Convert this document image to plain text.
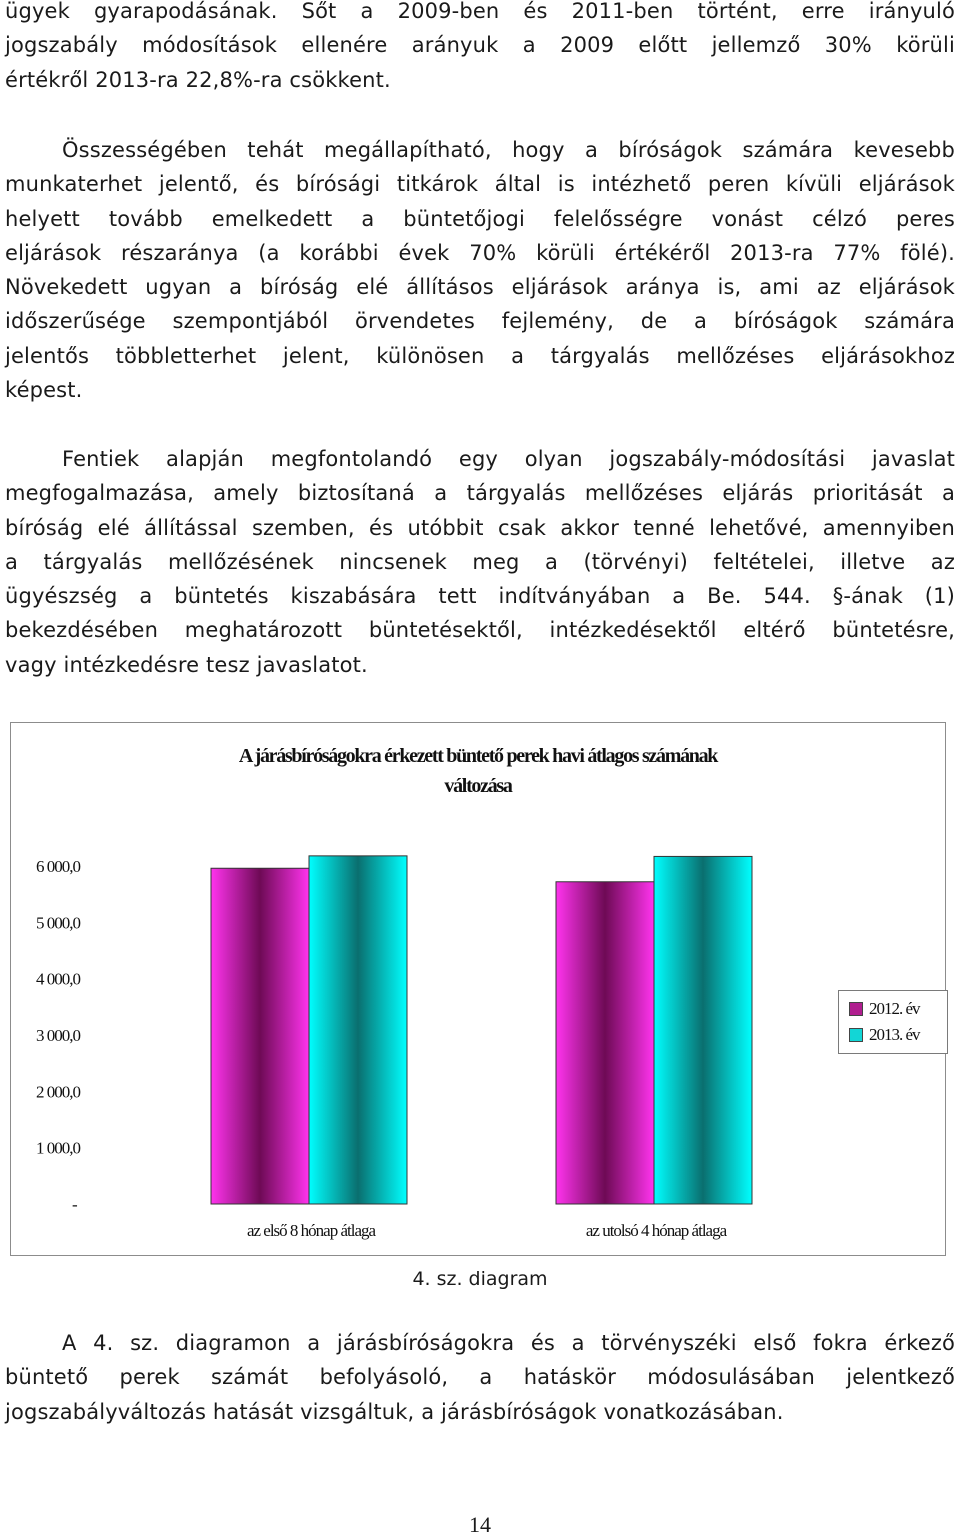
ügyek gyarapodásának. Sőt a 2009-ben és 2011-ben történt, erre irányuló
jogszabály módosítások ellenére arányuk a 2009 előtt jellemző 30% körüli
értékről 2013-ra 22,8%-ra csökkent.
Összességében tehát megállapítható, hogy a bíróságok számára kevesebb
munkaterhet jelentő, és bírósági titkárok által is intézhető peren kívüli eljárások
helyett tovább emelkedett a büntetőjogi felelősségre vonást célzó peres
eljárások részaránya (a korábbi évek 70% körüli értékéről 2013-ra 77% fölé).
Növekedett ugyan a bíróság elé állításos eljárások aránya is, ami az eljárások
időszerűsége szempontjából örvendetes fejlemény, de a bíróságok számára
jelentős többletterhet jelent, különösen a tárgyalás mellőzéses eljárásokhoz
képest.
Fentiek alapján megfontolandó egy olyan jogszabály-módosítási javaslat
megfogalmazása, amely biztosítaná a tárgyalás mellőzéses eljárás prioritását a
bíróság elé állítással szemben, és utóbbit csak akkor tenné lehetővé, amennyiben
a tárgyalás mellőzésének nincsenek meg a (törvényi) feltételei, illetve az
ügyészség a büntetés kiszabására tett indítványában a Be. 544. §-ának (1)
bekezdésében meghatározott büntetésektől, intézkedésektől eltérő büntetésre,
vagy intézkedésre tesz javaslatot.
A járásbíróságokra érkezett büntető perek havi átlagos számának
változása
6 000,0
5 000,0
4 000,0
3 000,0
2 000,0
1 000,0
-
az első 8 hónap átlaga	az utolsó 4 hónap átlaga
2012. év
2013. év
4. sz. diagram
A 4. sz. diagramon a járásbíróságokra és a törvényszéki első fokra érkező
büntető perek számát befolyásoló, a hatáskör módosulásában jelentkező
jogszabályváltozás hatását vizsgáltuk, a járásbíróságok vonatkozásában.
14
